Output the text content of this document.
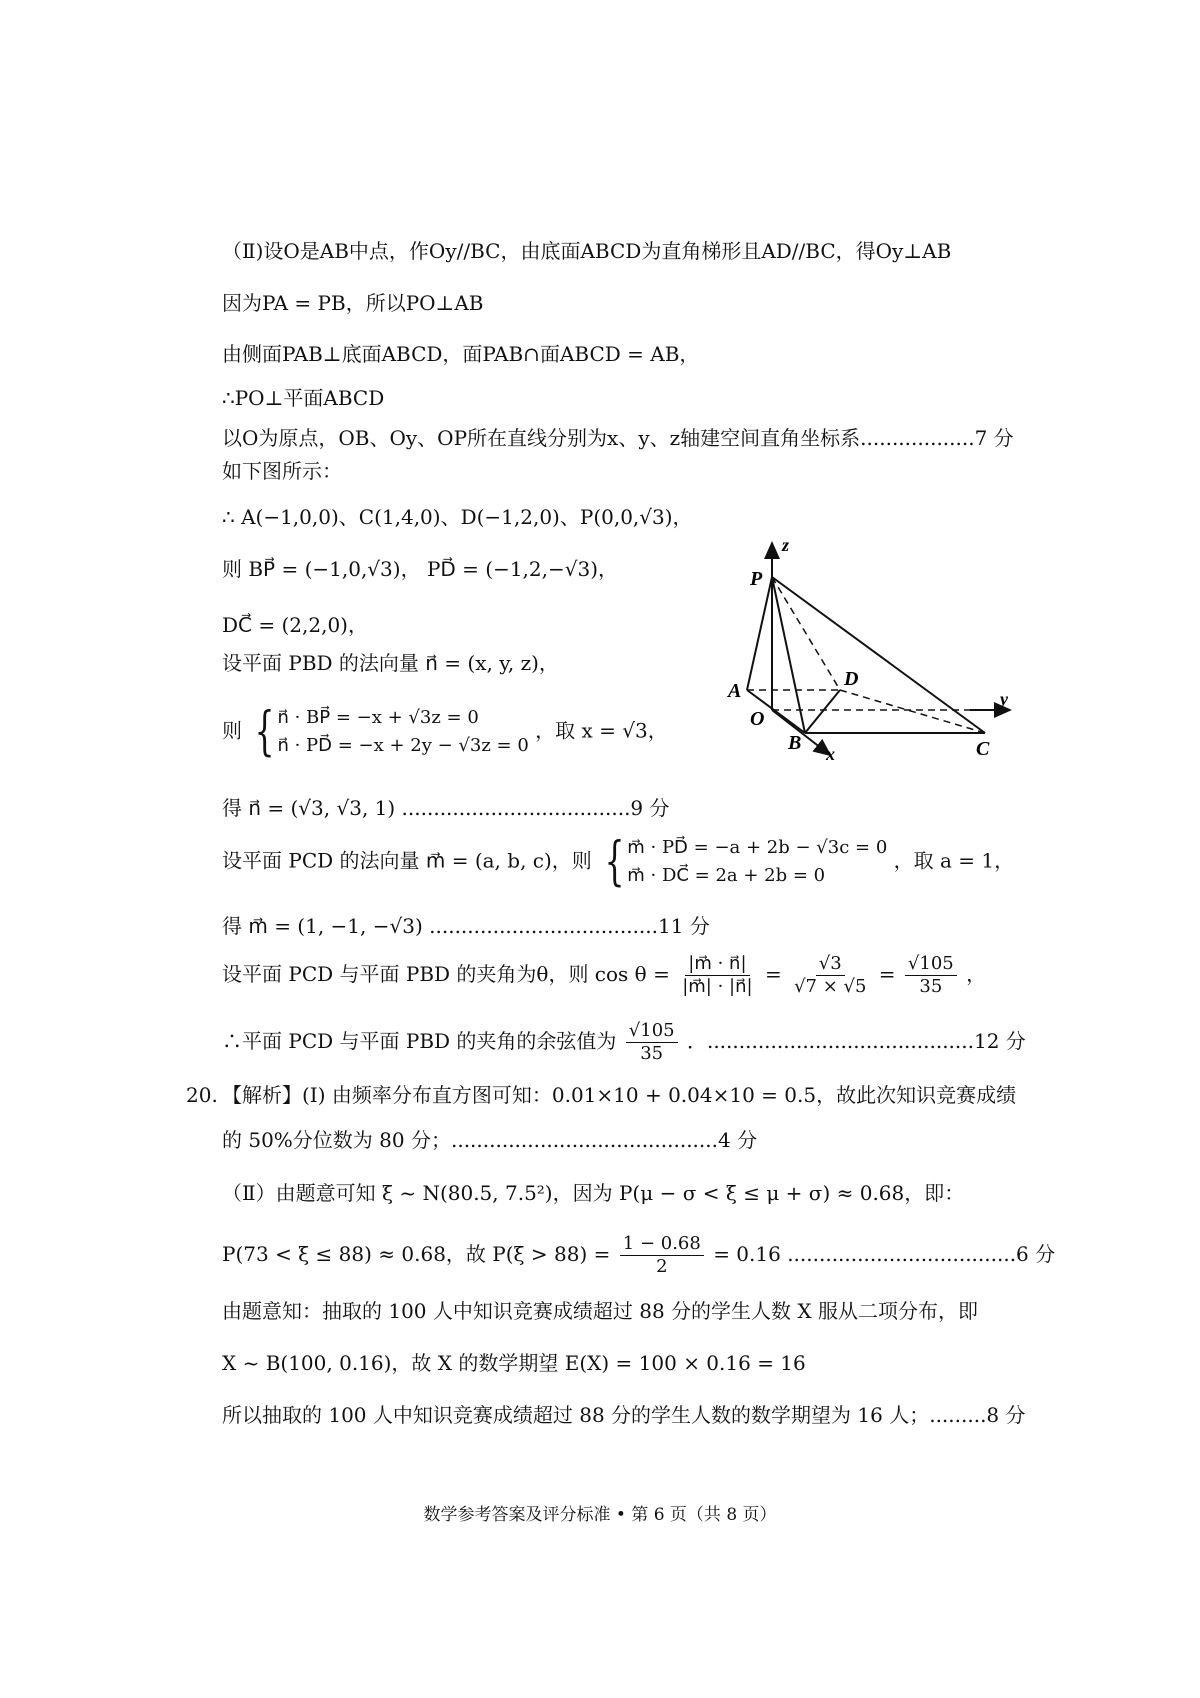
（Ⅱ)设O是AB中点，作Oy//BC，由底面ABCD为直角梯形且AD//BC，得Oy⊥AB
因为PA = PB，所以PO⊥AB
由侧面PAB⊥底面ABCD，面PAB∩面ABCD = AB，
∴PO⊥平面ABCD
以O为原点，OB、Oy、OP所在直线分别为x、y、z轴建空间直角坐标系..................7 分
如下图所示：
∴ A(−1,0,0)、C(1,4,0)、D(−1,2,0)、P(0,0,√3)，
则 BP⃗ = (−1,0,√3)， PD⃗ = (−1,2,−√3)，
DC⃗ = (2,2,0)，
设平面 PBD 的法向量 n⃗ = (x, y, z)，
则 { n⃗ · BP⃗ = −x + √3z = 0
n⃗ · PD⃗ = −x + 2y − √3z = 0
，取 x = √3，
得 n⃗ = (√3, √3, 1) ....................................9 分
设平面 PCD 的法向量 m⃗ = (a, b, c)，则 { m⃗ · PD⃗ = −a + 2b − √3c = 0
m⃗ · DC⃗ = 2a + 2b = 0
，取 a = 1，
得 m⃗ = (1, −1, −√3) ....................................11 分
设平面 PCD 与平面 PBD 的夹角为θ，则 $\cos \theta = \frac{|m⃗ \cdot n⃗|}{|m⃗| \cdot |n⃗|} = \frac{√3}{√7 \times √5} = \frac{√105}{35}$ ，
∴平面 PCD 与平面 PBD 的夹角的余弦值为 $\frac{√105}{35}$ ．..........................................12 分
20. 【解析】(Ⅰ) 由频率分布直方图可知：0.01×10 + 0.04×10 = 0.5，故此次知识竞赛成绩
的 50%分位数为 80 分；..........................................4 分
（Ⅱ）由题意可知 ξ ~ N(80.5, 7.5²)，因为 P(μ − σ < ξ ≤ μ + σ) ≈ 0.68，即：
P(73 < ξ ≤ 88) ≈ 0.68，故 $P(\xi > 88) = \frac{1 - 0.68}{2} = 0.16$ ....................................6 分
由题意知：抽取的 100 人中知识竞赛成绩超过 88 分的学生人数 X 服从二项分布，即
X ~ B(100, 0.16)，故 X 的数学期望 E(X) = 100 × 0.16 = 16
所以抽取的 100 人中知识竞赛成绩超过 88 分的学生人数的数学期望为 16 人；.........8 分
z
P
A
D
O
B	C
y
x
数学参考答案及评分标准 • 第 6 页（共 8 页）
